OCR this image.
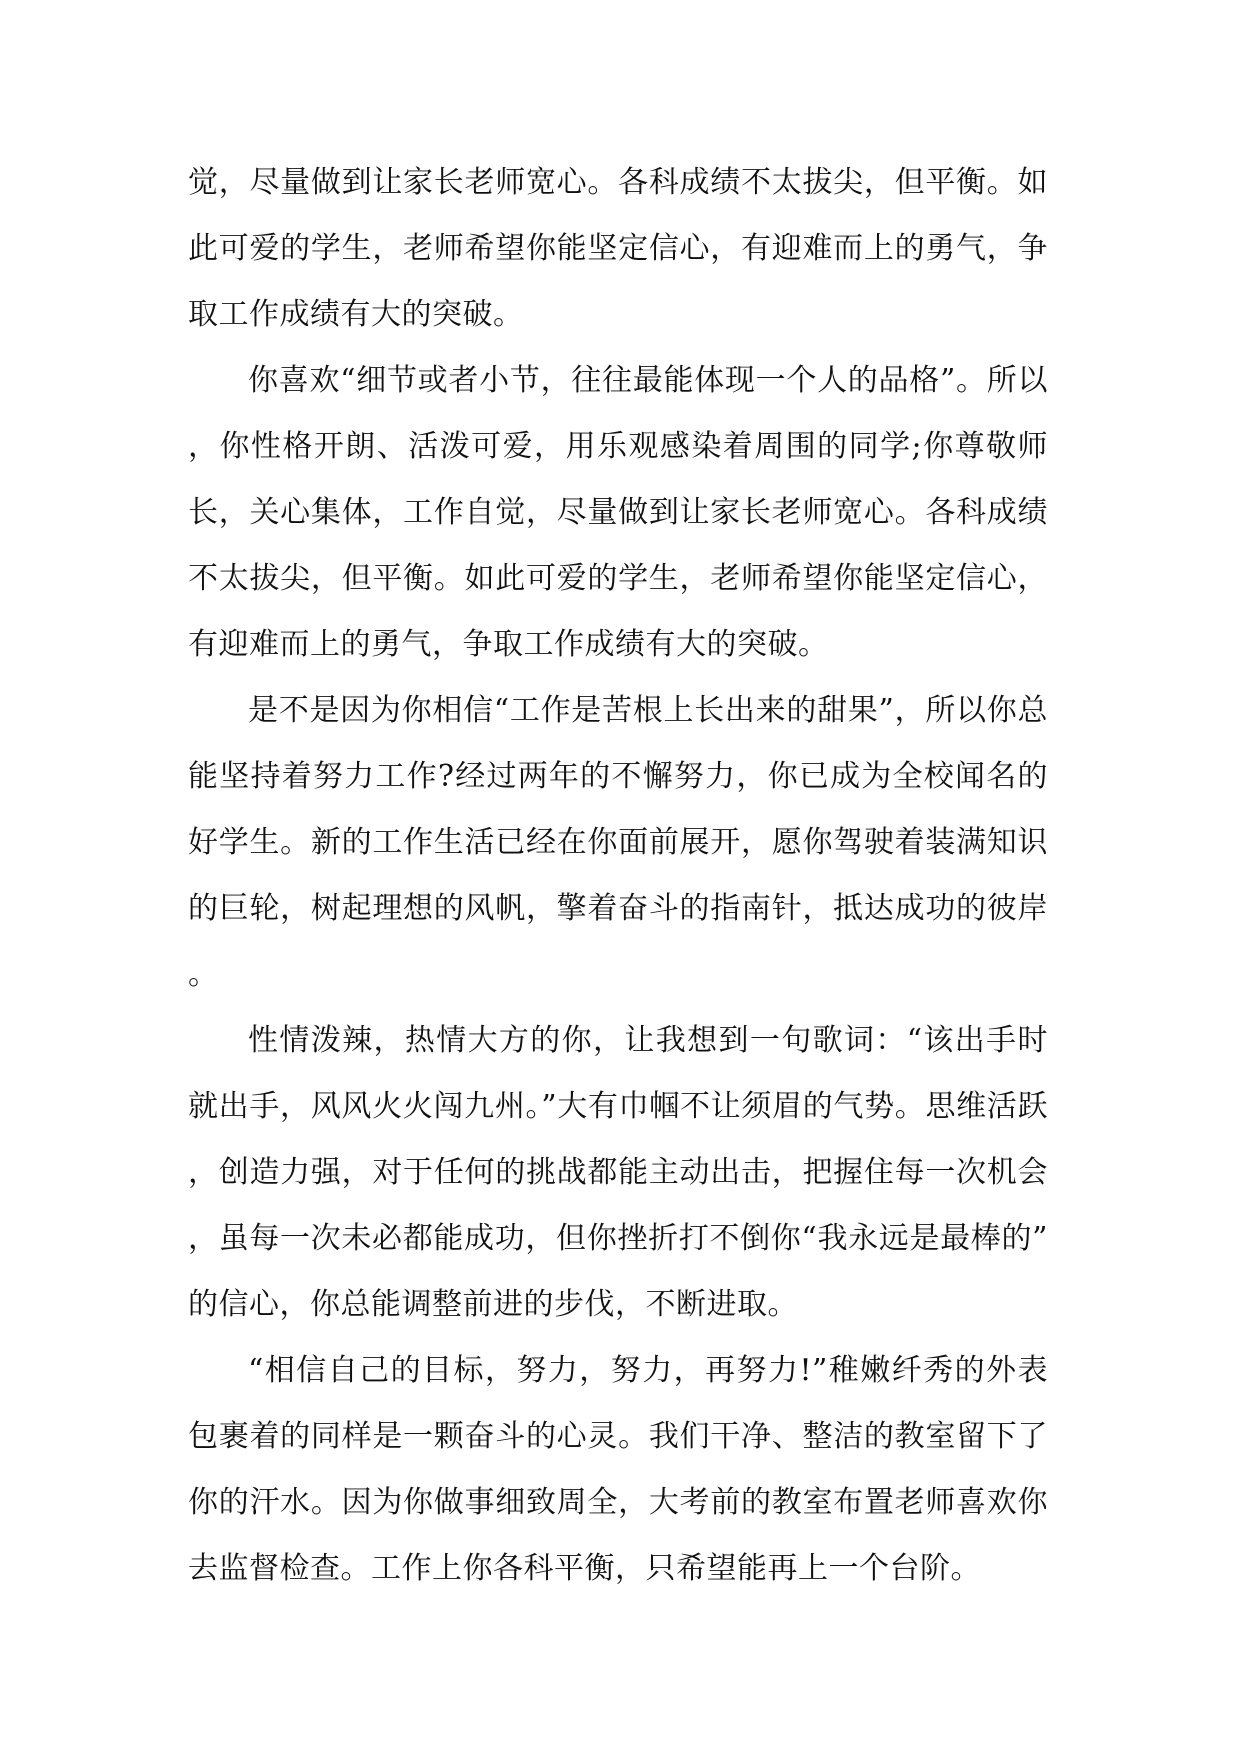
觉，尽量做到让家长老师宽心。各科成绩不太拔尖，但平衡。如此可爱的学生，老师希望你能坚定信心，有迎难而上的勇气，争取工作成绩有大的突破。

你喜欢“细节或者小节，往往最能体现一个人的品格”。所以，你性格开朗、活泼可爱，用乐观感染着周围的同学;你尊敬师长，关心集体，工作自觉，尽量做到让家长老师宽心。各科成绩不太拔尖，但平衡。如此可爱的学生，老师希望你能坚定信心，有迎难而上的勇气，争取工作成绩有大的突破。

是不是因为你相信“工作是苦根上长出来的甜果”，所以你总能坚持着努力工作?经过两年的不懈努力，你已成为全校闻名的好学生。新的工作生活已经在你面前展开，愿你驾驶着装满知识的巨轮，树起理想的风帆，擎着奋斗的指南针，抵达成功的彼岸。

性情泼辣，热情大方的你，让我想到一句歌词：“该出手时就出手，风风火火闯九州。”大有巾帼不让须眉的气势。思维活跃，创造力强，对于任何的挑战都能主动出击，把握住每一次机会，虽每一次未必都能成功，但你挫折打不倒你“我永远是最棒的”的信心，你总能调整前进的步伐，不断进取。

“相信自己的目标，努力，努力，再努力!”稚嫩纤秀的外表包裹着的同样是一颗奋斗的心灵。我们干净、整洁的教室留下了你的汗水。因为你做事细致周全，大考前的教室布置老师喜欢你去监督检查。工作上你各科平衡，只希望能再上一个台阶。
